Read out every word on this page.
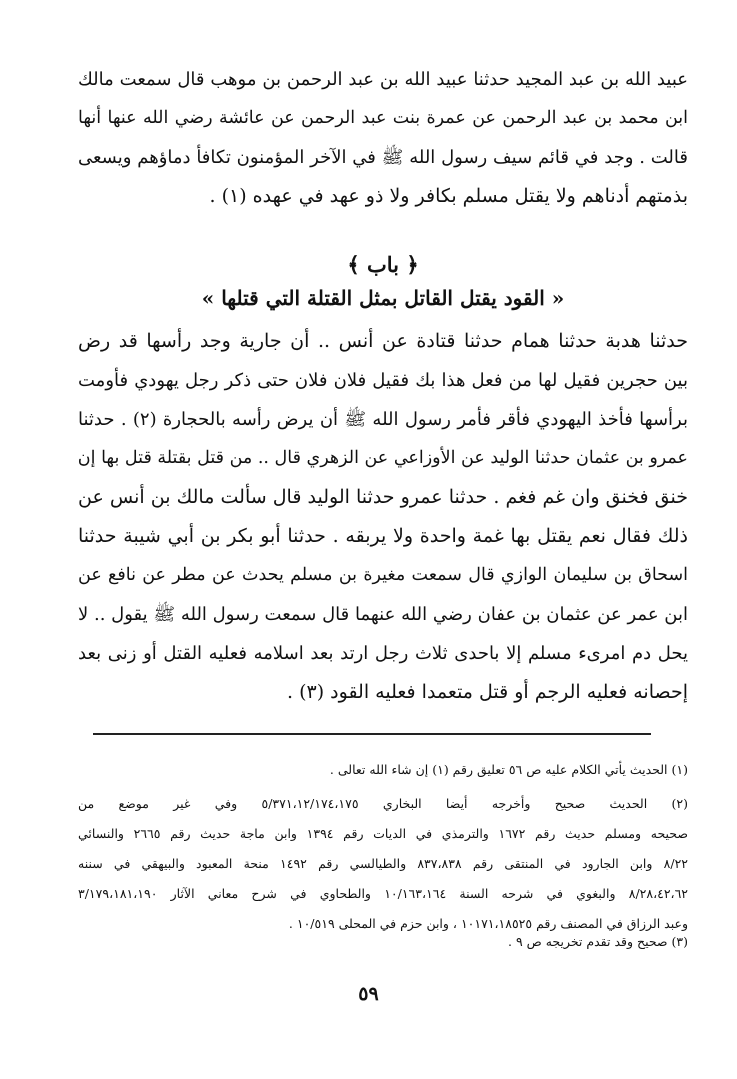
عبيد الله بن عبد المجيد حدثنا عبيد الله بن عبد الرحمن بن موهب قال سمعت مالك
ابن محمد بن عبد الرحمن عن عمرة بنت عبد الرحمن عن عائشة رضي الله عنها أنها
قالت . وجد في قائم سيف رسول الله ﷺ في الآخر المؤمنون تكافأ دماؤهم ويسعى
بذمتهم أدناهم ولا يقتل مسلم بكافر ولا ذو عهد في عهده (١) .
﴿ باب ﴾
« القود يقتل القاتل بمثل القتلة التي قتلها »
حدثنا هدبة حدثنا همام حدثنا قتادة عن أنس .. أن جارية وجد رأسها قد رض
بين حجرين فقيل لها من فعل هذا بك فقيل فلان فلان حتى ذكر رجل يهودي فأومت
برأسها فأخذ اليهودي فأقر فأمر رسول الله ﷺ أن يرض رأسه بالحجارة (٢) . حدثنا
عمرو بن عثمان حدثنا الوليد عن الأوزاعي عن الزهري قال .. من قتل بقتلة قتل بها إن
خنق فخنق وان غم فغم . حدثنا عمرو حدثنا الوليد قال سألت مالك بن أنس عن
ذلك فقال نعم يقتل بها غمة واحدة ولا يربقه . حدثنا أبو بكر بن أبي شيبة حدثنا
اسحاق بن سليمان الوازي قال سمعت مغيرة بن مسلم يحدث عن مطر عن نافع عن
ابن عمر عن عثمان بن عفان رضي الله عنهما قال سمعت رسول الله ﷺ يقول .. لا
يحل دم امرىء مسلم إلا باحدى ثلاث رجل ارتد بعد اسلامه فعليه القتل أو زنى بعد
إحصانه فعليه الرجم أو قتل متعمدا فعليه القود (٣) .
(١) الحديث يأتي الكلام عليه ص ٥٦ تعليق رقم (١) إن شاء الله تعالى .
(٢) الحديث صحيح وأخرجه أيضا البخاري ٥/٣٧١،١٢/١٧٤،١٧٥ وفي غير موضع من
صحيحه ومسلم حديث رقم ١٦٧٢ والترمذي في الديات رقم ١٣٩٤ وابن ماجة حديث رقم ٢٦٦٥ والنسائي
٨/٢٢ وابن الجارود في المنتقى رقم ٨٣٧،٨٣٨ والطيالسي رقم ١٤٩٢ منحة المعبود والبيهقي في سننه
٨/٢٨،٤٢،٦٢ والبغوي في شرحه السنة ١٠/١٦٣،١٦٤ والطحاوي في شرح معاني الآثار ٣/١٧٩،١٨١،١٩٠
وعبد الرزاق في المصنف رقم ١٠١٧١،١٨٥٢٥ ، وابن حزم في المحلى ١٠/٥١٩ .
(٣) صحيح وقد تقدم تخريجه ص ٩ .
٥٩
